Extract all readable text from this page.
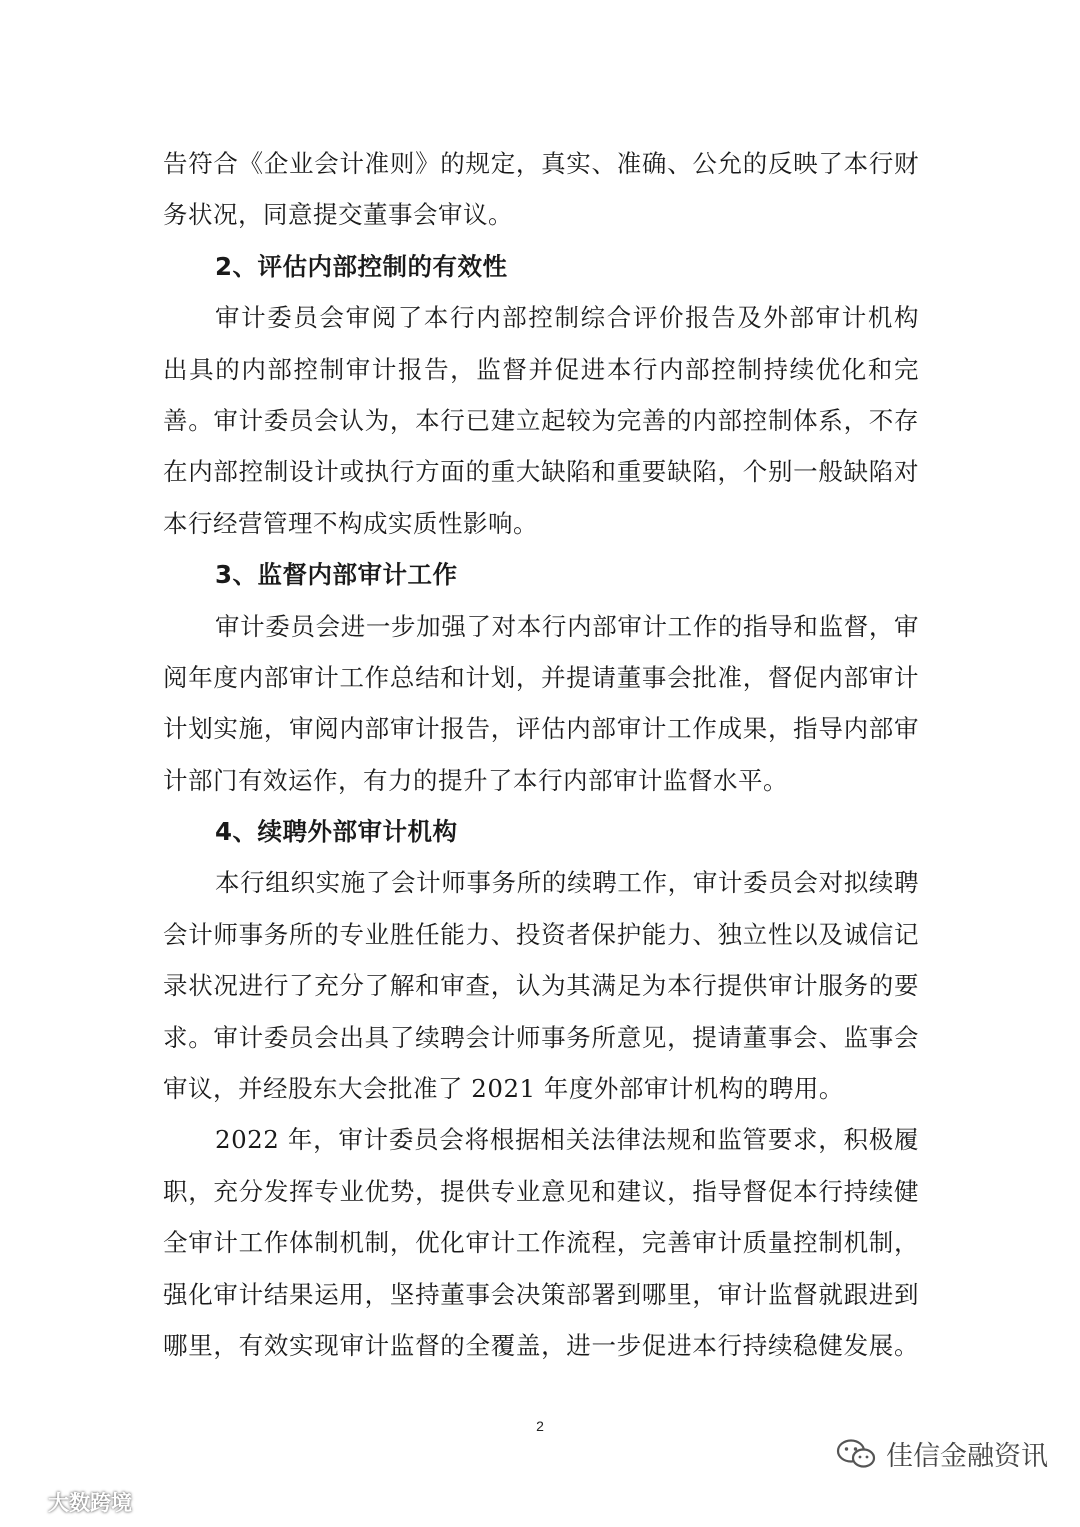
告符合《企业会计准则》的规定，真实、准确、公允的反映了本行财
务状况，同意提交董事会审议。
2、评估内部控制的有效性
审计委员会审阅了本行内部控制综合评价报告及外部审计机构
出具的内部控制审计报告，监督并促进本行内部控制持续优化和完
善。审计委员会认为，本行已建立起较为完善的内部控制体系，不存
在内部控制设计或执行方面的重大缺陷和重要缺陷，个别一般缺陷对
本行经营管理不构成实质性影响。
3、监督内部审计工作
审计委员会进一步加强了对本行内部审计工作的指导和监督，审
阅年度内部审计工作总结和计划，并提请董事会批准，督促内部审计
计划实施，审阅内部审计报告，评估内部审计工作成果，指导内部审
计部门有效运作，有力的提升了本行内部审计监督水平。
4、续聘外部审计机构
本行组织实施了会计师事务所的续聘工作，审计委员会对拟续聘
会计师事务所的专业胜任能力、投资者保护能力、独立性以及诚信记
录状况进行了充分了解和审查，认为其满足为本行提供审计服务的要
求。审计委员会出具了续聘会计师事务所意见，提请董事会、监事会
审议，并经股东大会批准了 2021 年度外部审计机构的聘用。
2022 年，审计委员会将根据相关法律法规和监管要求，积极履
职，充分发挥专业优势，提供专业意见和建议，指导督促本行持续健
全审计工作体制机制，优化审计工作流程，完善审计质量控制机制，
强化审计结果运用，坚持董事会决策部署到哪里，审计监督就跟进到
哪里，有效实现审计监督的全覆盖，进一步促进本行持续稳健发展。
2
佳信金融资讯
大数跨境
